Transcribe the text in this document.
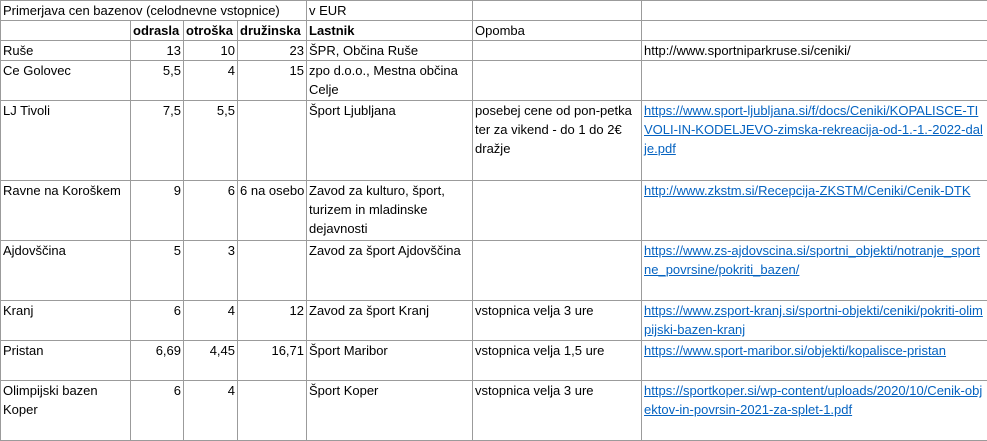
Primerjava cen bazenov (celodnevne vstopnice)				v EUR		
	odrasla	otroška	družinska	Lastnik	Opomba	
Ruše	13	10	23	ŠPR, Občina Ruše		http://www.sportniparkruse.si/ceniki/
Ce Golovec	5,5	4	15	zpo d.o.o., Mestna občina Celje		
LJ Tivoli	7,5	5,5		Šport Ljubljana	posebej cene od pon-petka ter za vikend - do 1 do 2€ dražje	https://www.sport-ljubljana.si/f/docs/Ceniki/KOPALISCE-TIVOLI-IN-KODELJEVO-zimska-rekreacija-od-1.-1.-2022-dalje.pdf
Ravne na Koroškem	9	6	6 na osebo	Zavod za kulturo, šport, turizem in mladinske dejavnosti		http://www.zkstm.si/Recepcija-ZKSTM/Ceniki/Cenik-DTK
Ajdovščina	5	3		Zavod za šport Ajdovščina		https://www.zs-ajdovscina.si/sportni_objekti/notranje_sportne_povrsine/pokriti_bazen/
Kranj	6	4	12	Zavod za šport Kranj	vstopnica velja 3 ure	https://www.zsport-kranj.si/sportni-objekti/ceniki/pokriti-olimpijski-bazen-kranj
Pristan	6,69	4,45	16,71	Šport Maribor	vstopnica velja 1,5 ure	https://www.sport-maribor.si/objekti/kopalisce-pristan
Olimpijski bazen Koper	6	4		Šport Koper	vstopnica velja 3 ure	https://sportkoper.si/wp-content/uploads/2020/10/Cenik-objektov-in-povrsin-2021-za-splet-1.pdf
